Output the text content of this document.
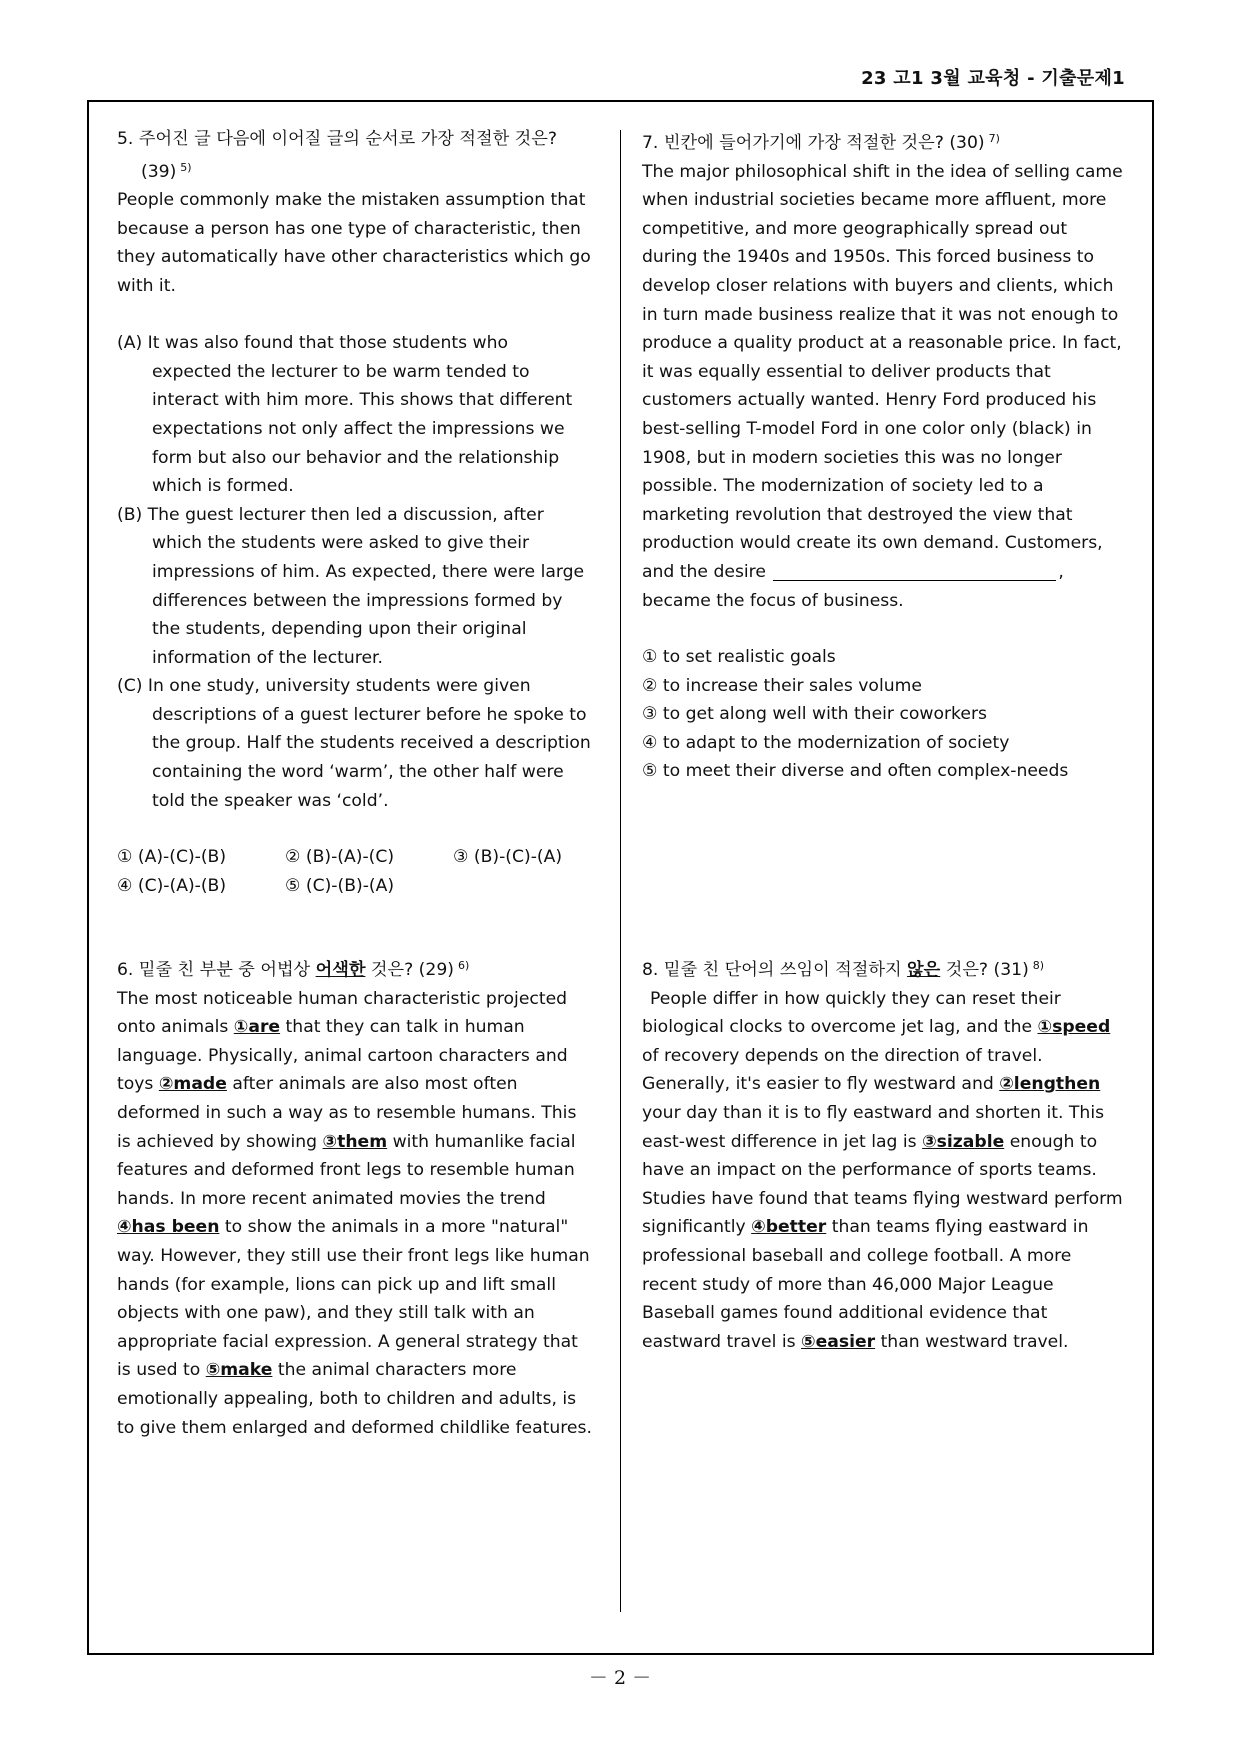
23 고1 3월 교육청 - 기출문제1

5. 주어진 글 다음에 이어질 글의 순서로 가장 적절한 것은? (39) $^{5)}$

People commonly make the mistaken assumption that because a person has one type of characteristic, then they automatically have other characteristics which go with it.

(A) It was also found that those students who expected the lecturer to be warm tended to interact with him more. This shows that different expectations not only affect the impressions we form but also our behavior and the relationship which is formed.

(B) The guest lecturer then led a discussion, after which the students were asked to give their impressions of him. As expected, there were large differences between the impressions formed by the students, depending upon their original information of the lecturer.

(C) In one study, university students were given descriptions of a guest lecturer before he spoke to the group. Half the students received a description containing the word ‘warm’, the other half were told the speaker was ‘cold’.

① (A)-(C)-(B)	② (B)-(A)-(C)	③ (B)-(C)-(A)
④ (C)-(A)-(B)	⑤ (C)-(B)-(A)

6. 밑줄 친 부분 중 어법상 어색한 것은? (29) $^{6)}$

The most noticeable human characteristic projected onto animals ①are that they can talk in human language. Physically, animal cartoon characters and toys ②made after animals are also most often deformed in such a way as to resemble humans. This is achieved by showing ③them with humanlike facial features and deformed front legs to resemble human hands. In more recent animated movies the trend ④has been to show the animals in a more "natural" way. However, they still use their front legs like human hands (for example, lions can pick up and lift small objects with one paw), and they still talk with an appropriate facial expression. A general strategy that is used to ⑤make the animal characters more emotionally appealing, both to children and adults, is to give them enlarged and deformed childlike features.

7. 빈칸에 들어가기에 가장 적절한 것은? (30) $^{7)}$

The major philosophical shift in the idea of selling came when industrial societies became more affluent, more competitive, and more geographically spread out during the 1940s and 1950s. This forced business to develop closer relations with buyers and clients, which in turn made business realize that it was not enough to produce a quality product at a reasonable price. In fact, it was equally essential to deliver products that customers actually wanted. Henry Ford produced his best-selling T-model Ford in one color only (black) in 1908, but in modern societies this was no longer possible. The modernization of society led to a marketing revolution that destroyed the view that production would create its own demand. Customers, and the desire	, became the focus of business.

① to set realistic goals

② to increase their sales volume

③ to get along well with their coworkers

④ to adapt to the modernization of society

⑤ to meet their diverse and often complex-needs

8. 밑줄 친 단어의 쓰임이 적절하지 않은 것은? (31) $^{8)}$

People differ in how quickly they can reset their biological clocks to overcome jet lag, and the ①speed of recovery depends on the direction of travel. Generally, it's easier to fly westward and ②lengthen your day than it is to fly eastward and shorten it. This east-west difference in jet lag is ③sizable enough to have an impact on the performance of sports teams. Studies have found that teams flying westward perform significantly ④better than teams flying eastward in professional baseball and college football. A more recent study of more than 46,000 Major League Baseball games found additional evidence that eastward travel is ⑤easier than westward travel.

－ 2 －
